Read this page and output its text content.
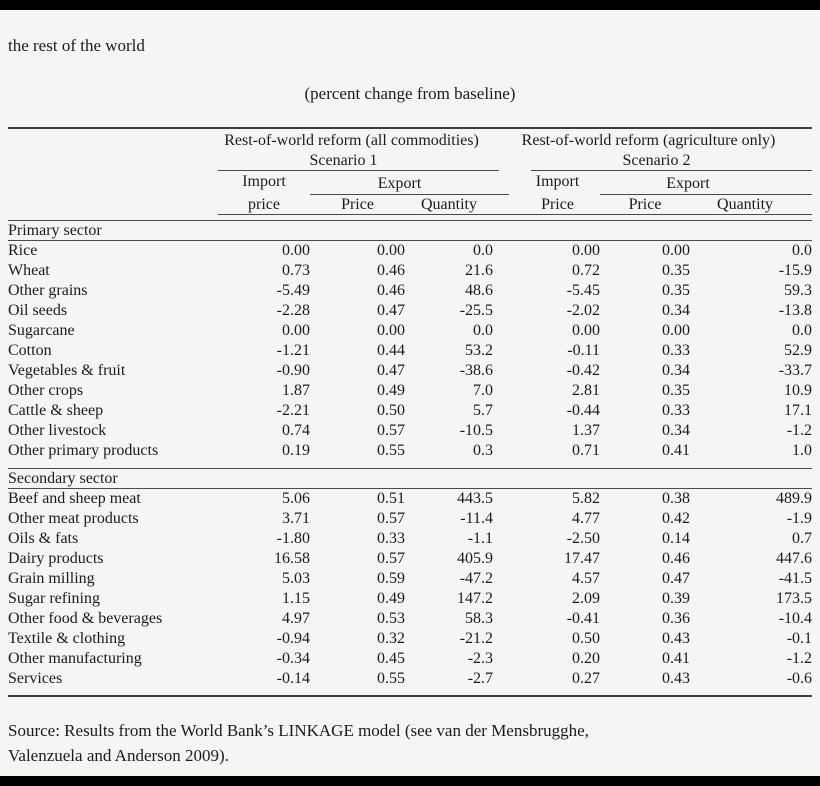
the rest of the world
(percent change from baseline)
	Rest-of-world reform (all commodities)			Rest-of-world reform (agriculture only)		

	Scenario 1			Scenario 2		

	Import	Export		Import	Export	

	price	Price	Quantity	Price	Price	Quantity

Primary sector						
Rice	0.00	0.00	0.0	0.00	0.00	0.0
Wheat	0.73	0.46	21.6	0.72	0.35	-15.9
Other grains	-5.49	0.46	48.6	-5.45	0.35	59.3
Oil seeds	-2.28	0.47	-25.5	-2.02	0.34	-13.8
Sugarcane	0.00	0.00	0.0	0.00	0.00	0.0
Cotton	-1.21	0.44	53.2	-0.11	0.33	52.9
Vegetables & fruit	-0.90	0.47	-38.6	-0.42	0.34	-33.7
Other crops	1.87	0.49	7.0	2.81	0.35	10.9
Cattle & sheep	-2.21	0.50	5.7	-0.44	0.33	17.1
Other livestock	0.74	0.57	-10.5	1.37	0.34	-1.2
Other primary products	0.19	0.55	0.3	0.71	0.41	1.0

Secondary sector						
Beef and sheep meat	5.06	0.51	443.5	5.82	0.38	489.9
Other meat products	3.71	0.57	-11.4	4.77	0.42	-1.9
Oils & fats	-1.80	0.33	-1.1	-2.50	0.14	0.7
Dairy products	16.58	0.57	405.9	17.47	0.46	447.6
Grain milling	5.03	0.59	-47.2	4.57	0.47	-41.5
Sugar refining	1.15	0.49	147.2	2.09	0.39	173.5
Other food & beverages	4.97	0.53	58.3	-0.41	0.36	-10.4
Textile & clothing	-0.94	0.32	-21.2	0.50	0.43	-0.1
Other manufacturing	-0.34	0.45	-2.3	0.20	0.41	-1.2
Services	-0.14	0.55	-2.7	0.27	0.43	-0.6

Source: Results from the World Bank’s LINKAGE model (see van der Mensbrugghe,
Valenzuela and Anderson 2009).
